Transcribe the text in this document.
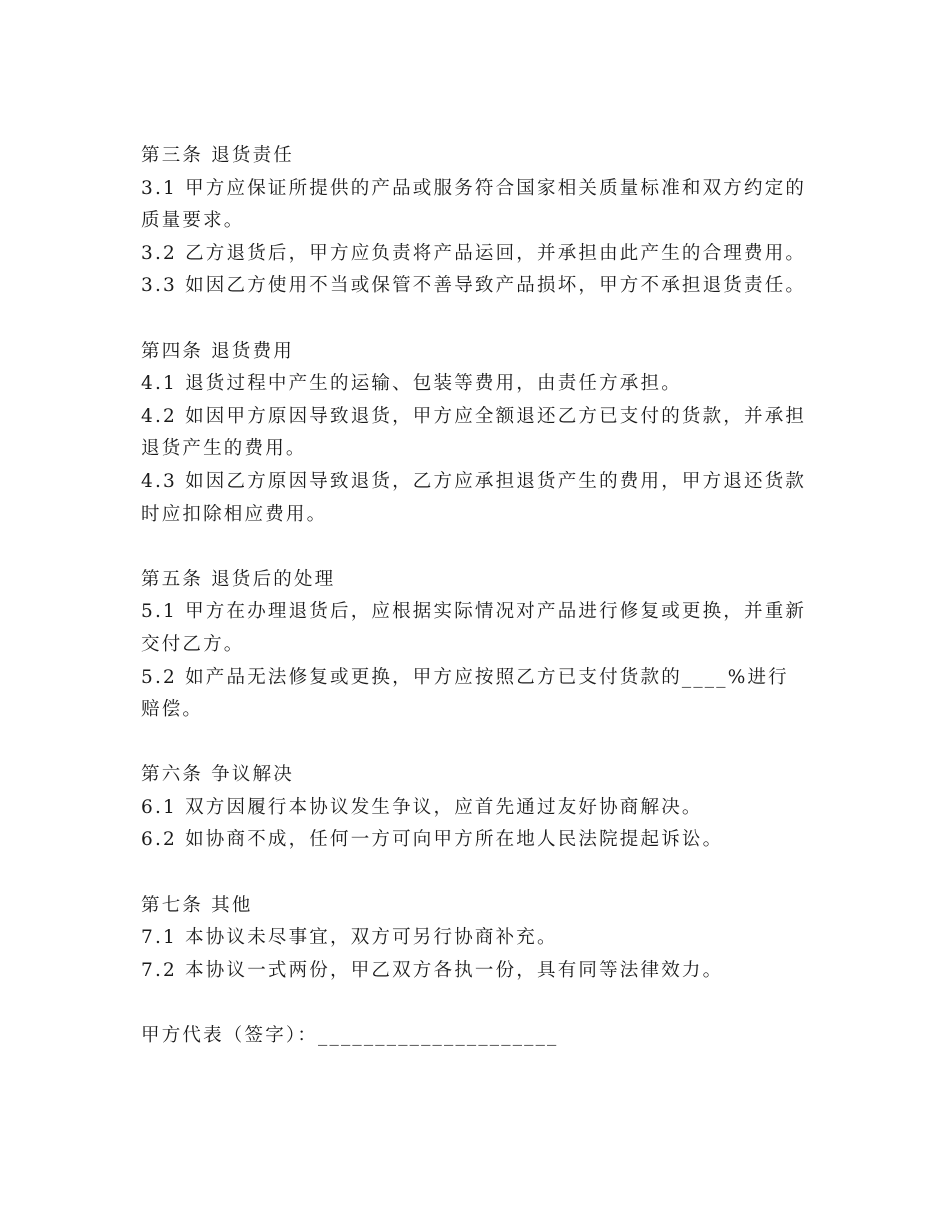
第三条 退货责任

3.1 甲方应保证所提供的产品或服务符合国家相关质量标准和双方约定的质量要求。

3.2 乙方退货后，甲方应负责将产品运回，并承担由此产生的合理费用。

3.3 如因乙方使用不当或保管不善导致产品损坏，甲方不承担退货责任。

第四条 退货费用

4.1 退货过程中产生的运输、包装等费用，由责任方承担。

4.2 如因甲方原因导致退货，甲方应全额退还乙方已支付的货款，并承担退货产生的费用。

4.3 如因乙方原因导致退货，乙方应承担退货产生的费用，甲方退还货款时应扣除相应费用。

第五条 退货后的处理

5.1 甲方在办理退货后，应根据实际情况对产品进行修复或更换，并重新交付乙方。

5.2 如产品无法修复或更换，甲方应按照乙方已支付货款的____%进行赔偿。

第六条 争议解决

6.1 双方因履行本协议发生争议，应首先通过友好协商解决。

6.2 如协商不成，任何一方可向甲方所在地人民法院提起诉讼。

第七条 其他

7.1 本协议未尽事宜，双方可另行协商补充。

7.2 本协议一式两份，甲乙双方各执一份，具有同等法律效力。

甲方代表（签字）：_____________________
